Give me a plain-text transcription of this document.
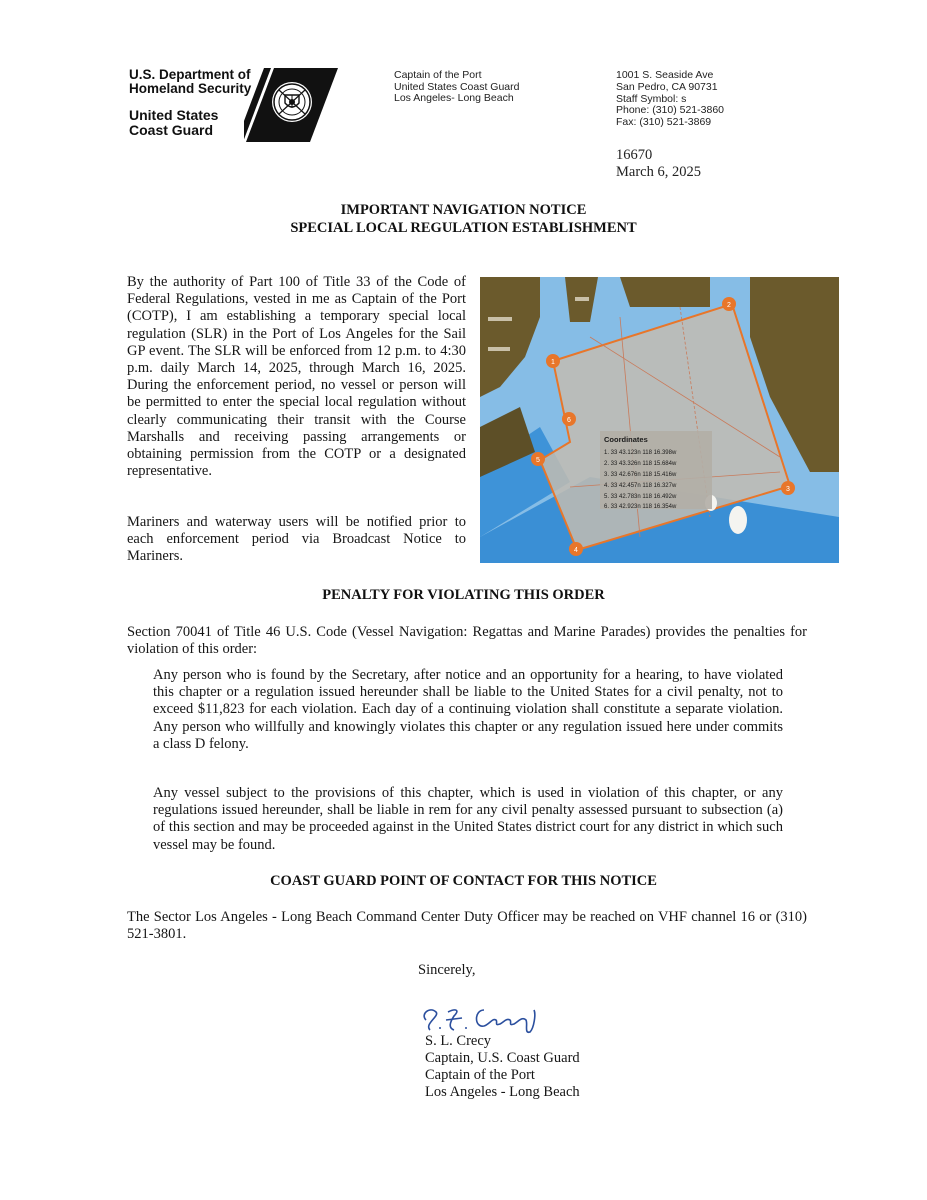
U.S. Department of
Homeland Security
United States
Coast Guard
Captain of the Port
United States Coast Guard
Los Angeles- Long Beach
1001 S. Seaside Ave
San Pedro, CA 90731
Staff Symbol: s
Phone: (310) 521-3860
Fax: (310) 521-3869
16670
March 6, 2025
IMPORTANT NAVIGATION NOTICE
SPECIAL LOCAL REGULATION ESTABLISHMENT

By the authority of Part 100 of Title 33 of the Code of Federal Regulations, vested in me as Captain of the Port (COTP), I am establishing a temporary special local regulation (SLR) in the Port of Los Angeles for the Sail GP event. The SLR will be enforced from 12 p.m. to 4:30 p.m. daily March 14, 2025, through March 16, 2025. During the enforcement period, no vessel or person will be permitted to enter the special local regulation without clearly communicating their transit with the Course Marshalls and receiving passing arrangements or obtaining permission from the COTP or a designated representative.

Mariners and waterway users will be notified prior to each enforcement period via Broadcast Notice to Mariners.

Coordinates
1. 33 43.123n 118 16.398w
2. 33 43.326n 118 15.684w
3. 33 42.676n 118 15.416w
4. 33 42.457n 118 16.327w
5. 33 42.783n 118 16.492w
6. 33 42.923n 118 16.354w
1
2
3
4
5
6
PENALTY FOR VIOLATING THIS ORDER

Section 70041 of Title 46 U.S. Code (Vessel Navigation: Regattas and Marine Parades) provides the penalties for violation of this order:

Any person who is found by the Secretary, after notice and an opportunity for a hearing, to have violated this chapter or a regulation issued hereunder shall be liable to the United States for a civil penalty, not to exceed $11,823 for each violation. Each day of a continuing violation shall constitute a separate violation. Any person who willfully and knowingly violates this chapter or any regulation issued here under commits a class D felony.

Any vessel subject to the provisions of this chapter, which is used in violation of this chapter, or any regulations issued hereunder, shall be liable in rem for any civil penalty assessed pursuant to subsection (a) of this section and may be proceeded against in the United States district court for any district in which such vessel may be found.

COAST GUARD POINT OF CONTACT FOR THIS NOTICE

The Sector Los Angeles - Long Beach Command Center Duty Officer may be reached on VHF channel 16 or (310) 521-3801.

Sincerely,
S. L. Crecy
Captain, U.S. Coast Guard
Captain of the Port
Los Angeles - Long Beach
